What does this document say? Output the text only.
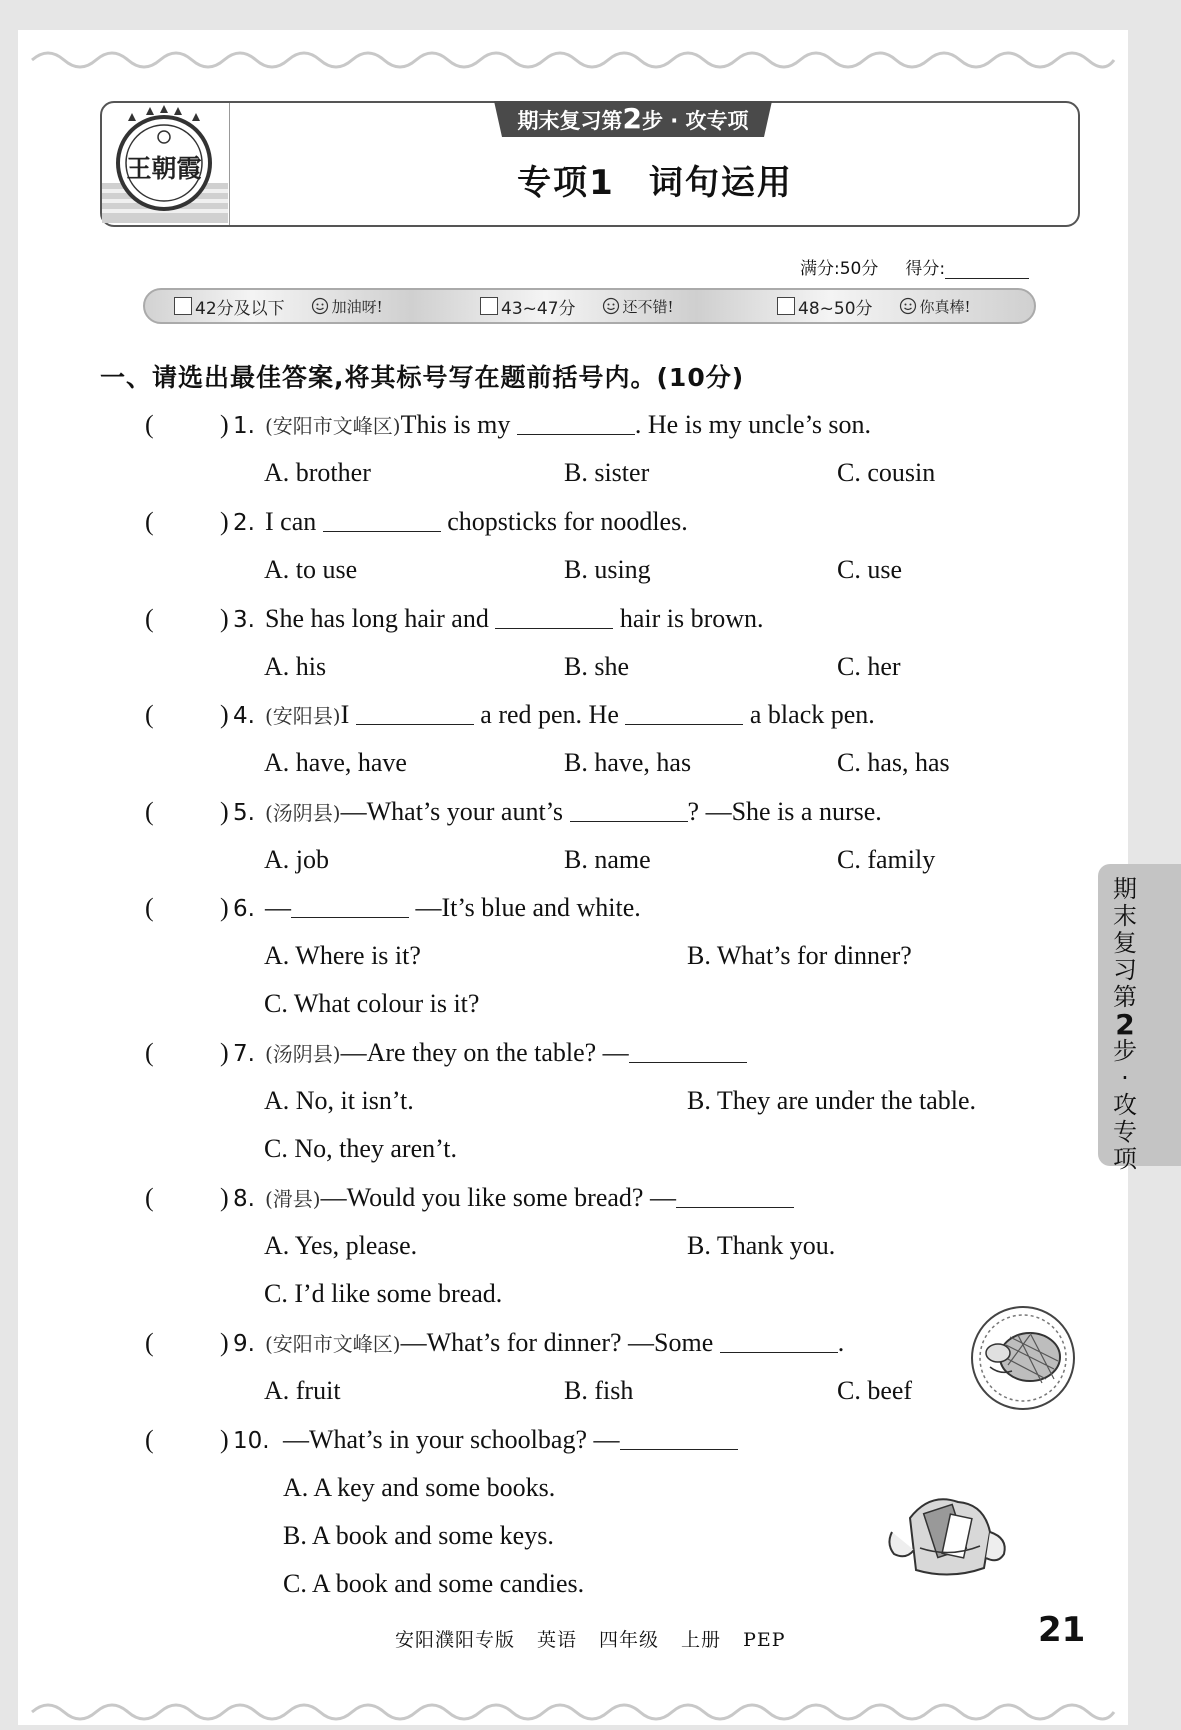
王朝霞
期末复习第2步 · 攻专项
专项1 词句运用
满分:50分 得分:
42分及以下	加油呀!	43~47分	还不错!	48~50分	你真棒!
一、请选出最佳答案,将其标号写在题前括号内。(10分)
(	) 1. (安阳市文峰区)This is my	. He is my uncle’s son.
A. brother	B. sister	C. cousin
(	) 2. I can	chopsticks for noodles.
A. to use	B. using	C. use
(	) 3. She has long hair and	hair is brown.
A. his	B. she	C. her
(	) 4. (安阳县)I	a red pen. He	a black pen.
A. have, have	B. have, has	C. has, has
(	) 5. (汤阴县)—What’s your aunt’s	? —She is a nurse.
A. job	B. name	C. family
(	) 6. —	—It’s blue and white.
A. Where is it?	B. What’s for dinner?
C. What colour is it?
(	) 7. (汤阴县)—Are they on the table? —
A. No, it isn’t.	B. They are under the table.
C. No, they aren’t.
(	) 8. (滑县)—Would you like some bread? —
A. Yes, please.	B. Thank you.
C. I’d like some bread.
(	) 9. (安阳市文峰区)—What’s for dinner? —Some	.
A. fruit	B. fish	C. beef
(	) 10. —What’s in your schoolbag? —
A. A key and some books.
B. A book and some keys.
C. A book and some candies.
期
末
复
习
第
2
步
·
攻
专
项
安阳濮阳专版 英语 四年级 上册 PEP	21
